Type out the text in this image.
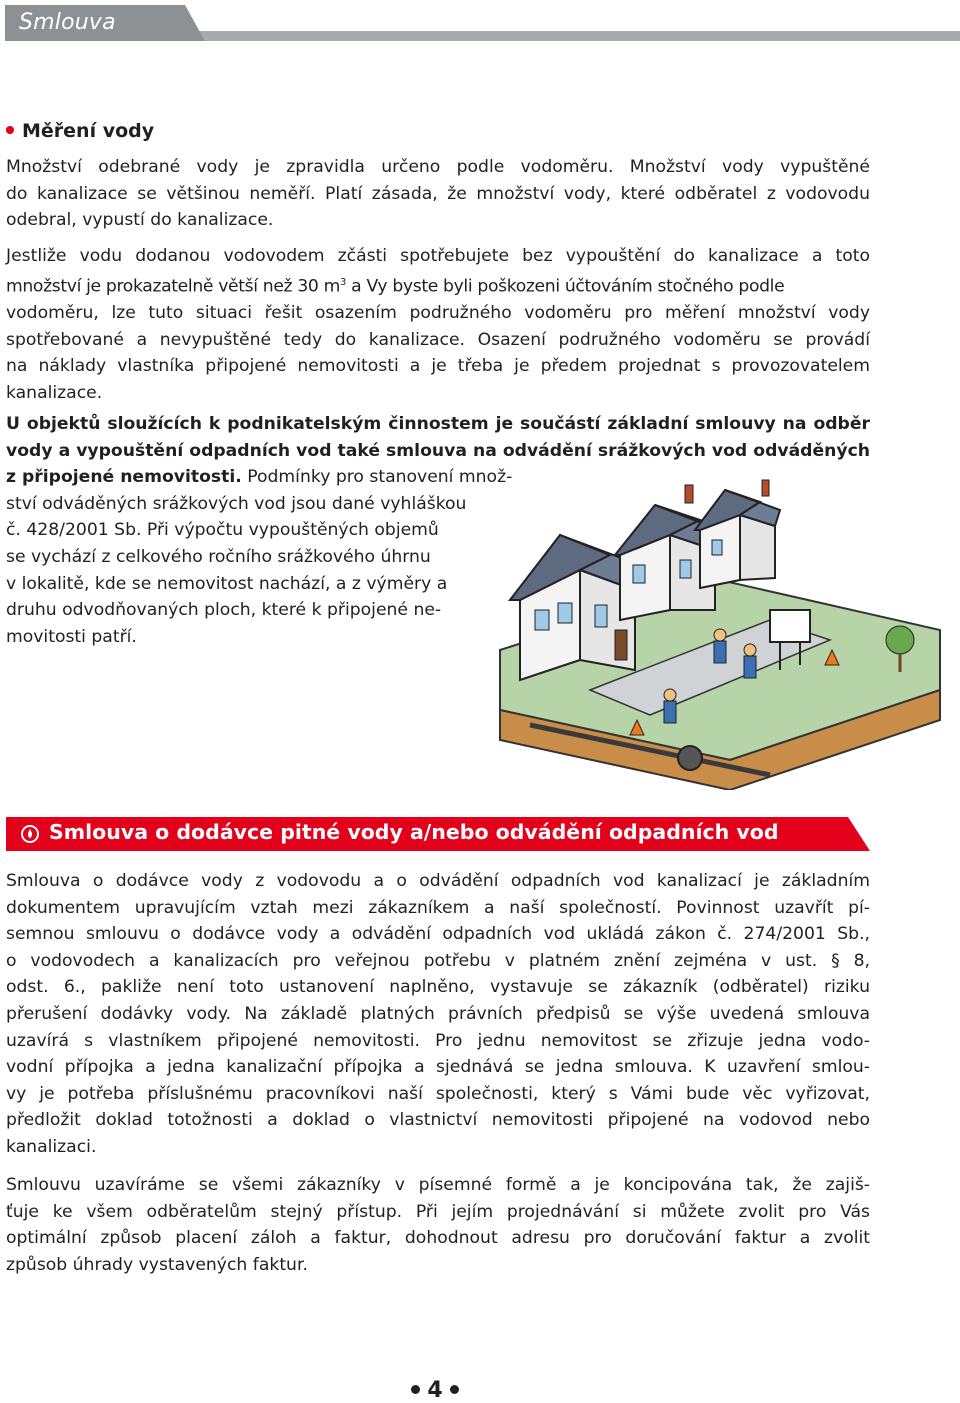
Smlouva
Měření vody
Množství odebrané vody je zpravidla určeno podle vodoměru. Množství vody vypuštěné
do kanalizace se většinou neměří. Platí zásada, že množství vody, které odběratel z vodovodu
odebral, vypustí do kanalizace.
Jestliže vodu dodanou vodovodem zčásti spotřebujete bez vypouštění do kanalizace a toto
množství je prokazatelně větší než 30 $m^3$ a Vy byste byli poškozeni účtováním stočného podle
vodoměru, lze tuto situaci řešit osazením podružného vodoměru pro měření množství vody
spotřebované a nevypuštěné tedy do kanalizace. Osazení podružného vodoměru se provádí
na náklady vlastníka připojené nemovitosti a je třeba je předem projednat s provozovatelem
kanalizace.
U objektů sloužících k podnikatelským činnostem je součástí základní smlouvy na odběr
vody a vypouštění odpadních vod také smlouva na odvádění srážkových vod odváděných
z připojené nemovitosti. Podmínky pro stanovení množ-
ství odváděných srážkových vod jsou dané vyhláškou
č. 428/2001 Sb. Při výpočtu vypouštěných objemů
se vychází z celkového ročního srážkového úhrnu
v lokalitě, kde se nemovitost nachází, a z výměry a
druhu odvodňovaných ploch, které k připojené ne-
movitosti patří.
Smlouva o dodávce pitné vody a/nebo odvádění odpadních vod
Smlouva o dodávce vody z vodovodu a o odvádění odpadních vod kanalizací je základním
dokumentem upravujícím vztah mezi zákazníkem a naší společností. Povinnost uzavřít pí-
semnou smlouvu o dodávce vody a odvádění odpadních vod ukládá zákon č. 274/2001 Sb.,
o vodovodech a kanalizacích pro veřejnou potřebu v platném znění zejména v ust. § 8,
odst. 6., pakliže není toto ustanovení naplněno, vystavuje se zákazník (odběratel) riziku
přerušení dodávky vody. Na základě platných právních předpisů se výše uvedená smlouva
uzavírá s vlastníkem připojené nemovitosti. Pro jednu nemovitost se zřizuje jedna vodo-
vodní přípojka a jedna kanalizační přípojka a sjednává se jedna smlouva. K uzavření smlou-
vy je potřeba příslušnému pracovníkovi naší společnosti, který s Vámi bude věc vyřizovat,
předložit doklad totožnosti a doklad o vlastnictví nemovitosti připojené na vodovod nebo
kanalizaci.
Smlouvu uzavíráme se všemi zákazníky v písemné formě a je koncipována tak, že zajiš-
ťuje ke všem odběratelům stejný přístup. Při jejím projednávání si můžete zvolit pro Vás
optimální způsob placení záloh a faktur, dohodnout adresu pro doručování faktur a zvolit
způsob úhrady vystavených faktur.
4
